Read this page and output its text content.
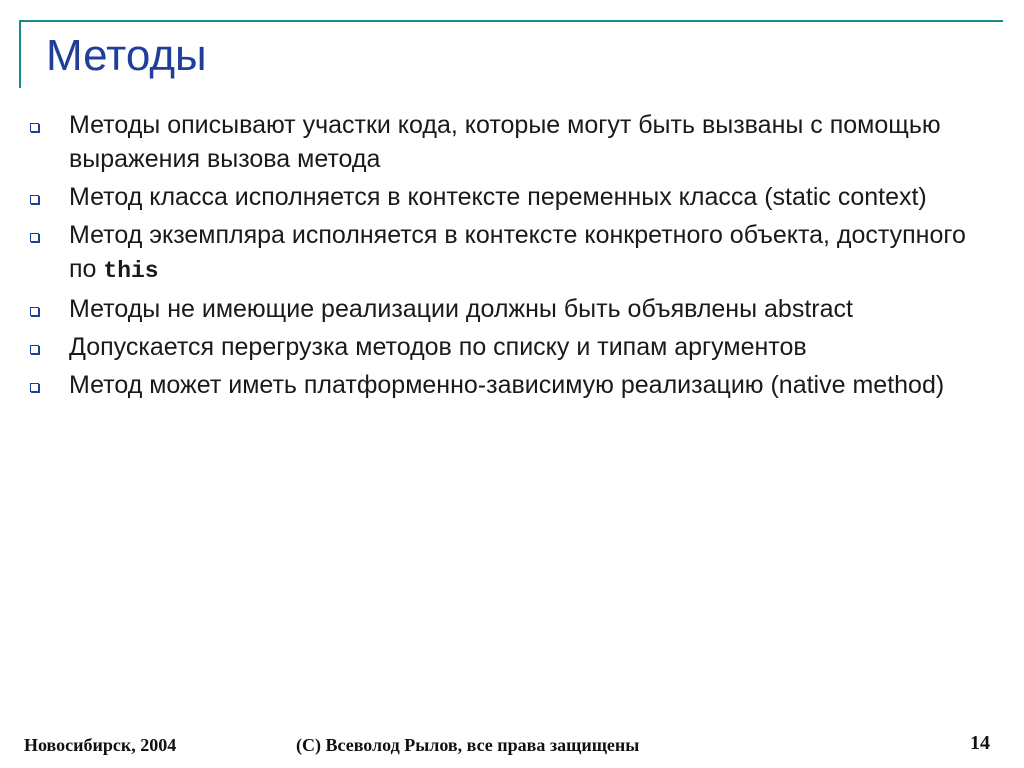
Методы
Методы описывают участки кода, которые могут быть вызваны с помощью выражения вызова метода
Метод класса исполняется в контексте переменных класса (static context)
Метод экземпляра исполняется в контексте конкретного объекта, доступного по this
Методы не имеющие реализации должны быть объявлены abstract
Допускается перегрузка методов по списку и типам аргументов
Метод может иметь платформенно-зависимую реализацию (native method)
Новосибирск, 2004	(C) Всеволод Рылов, все права защищены	14
